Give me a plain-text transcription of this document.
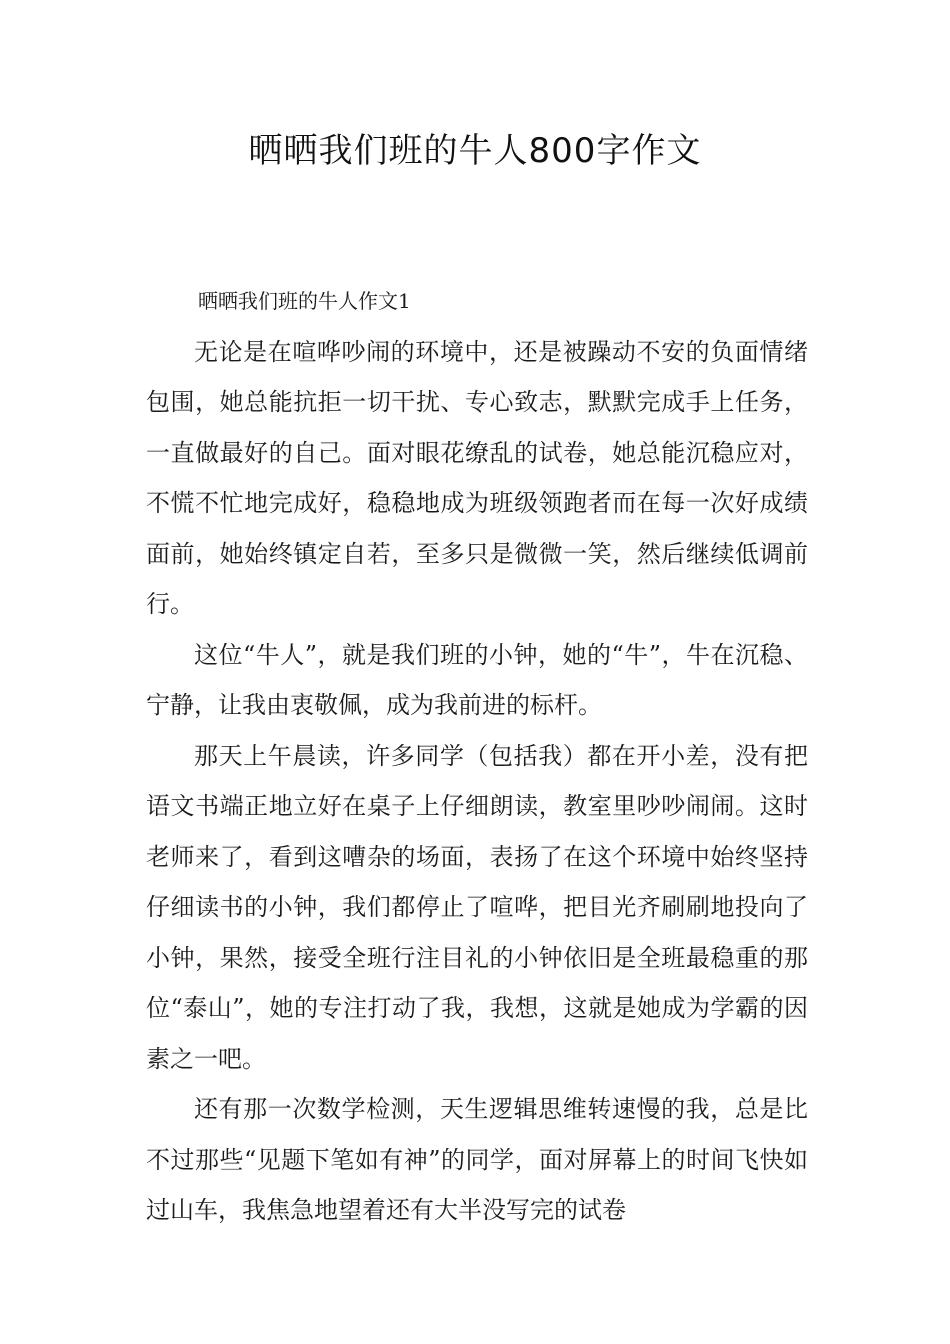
晒晒我们班的牛人800字作文

晒晒我们班的牛人作文1

无论是在喧哗吵闹的环境中，还是被躁动不安的负面情绪包围，她总能抗拒一切干扰、专心致志，默默完成手上任务，一直做最好的自己。面对眼花缭乱的试卷，她总能沉稳应对，不慌不忙地完成好，稳稳地成为班级领跑者而在每一次好成绩面前，她始终镇定自若，至多只是微微一笑，然后继续低调前行。

这位“牛人”，就是我们班的小钟，她的“牛”，牛在沉稳、宁静，让我由衷敬佩，成为我前进的标杆。

那天上午晨读，许多同学（包括我）都在开小差，没有把语文书端正地立好在桌子上仔细朗读，教室里吵吵闹闹。这时老师来了，看到这嘈杂的场面，表扬了在这个环境中始终坚持仔细读书的小钟，我们都停止了喧哗，把目光齐刷刷地投向了小钟，果然，接受全班行注目礼的小钟依旧是全班最稳重的那位“泰山”，她的专注打动了我，我想，这就是她成为学霸的因素之一吧。

还有那一次数学检测，天生逻辑思维转速慢的我，总是比不过那些“见题下笔如有神”的同学，面对屏幕上的时间飞快如过山车，我焦急地望着还有大半没写完的试卷
